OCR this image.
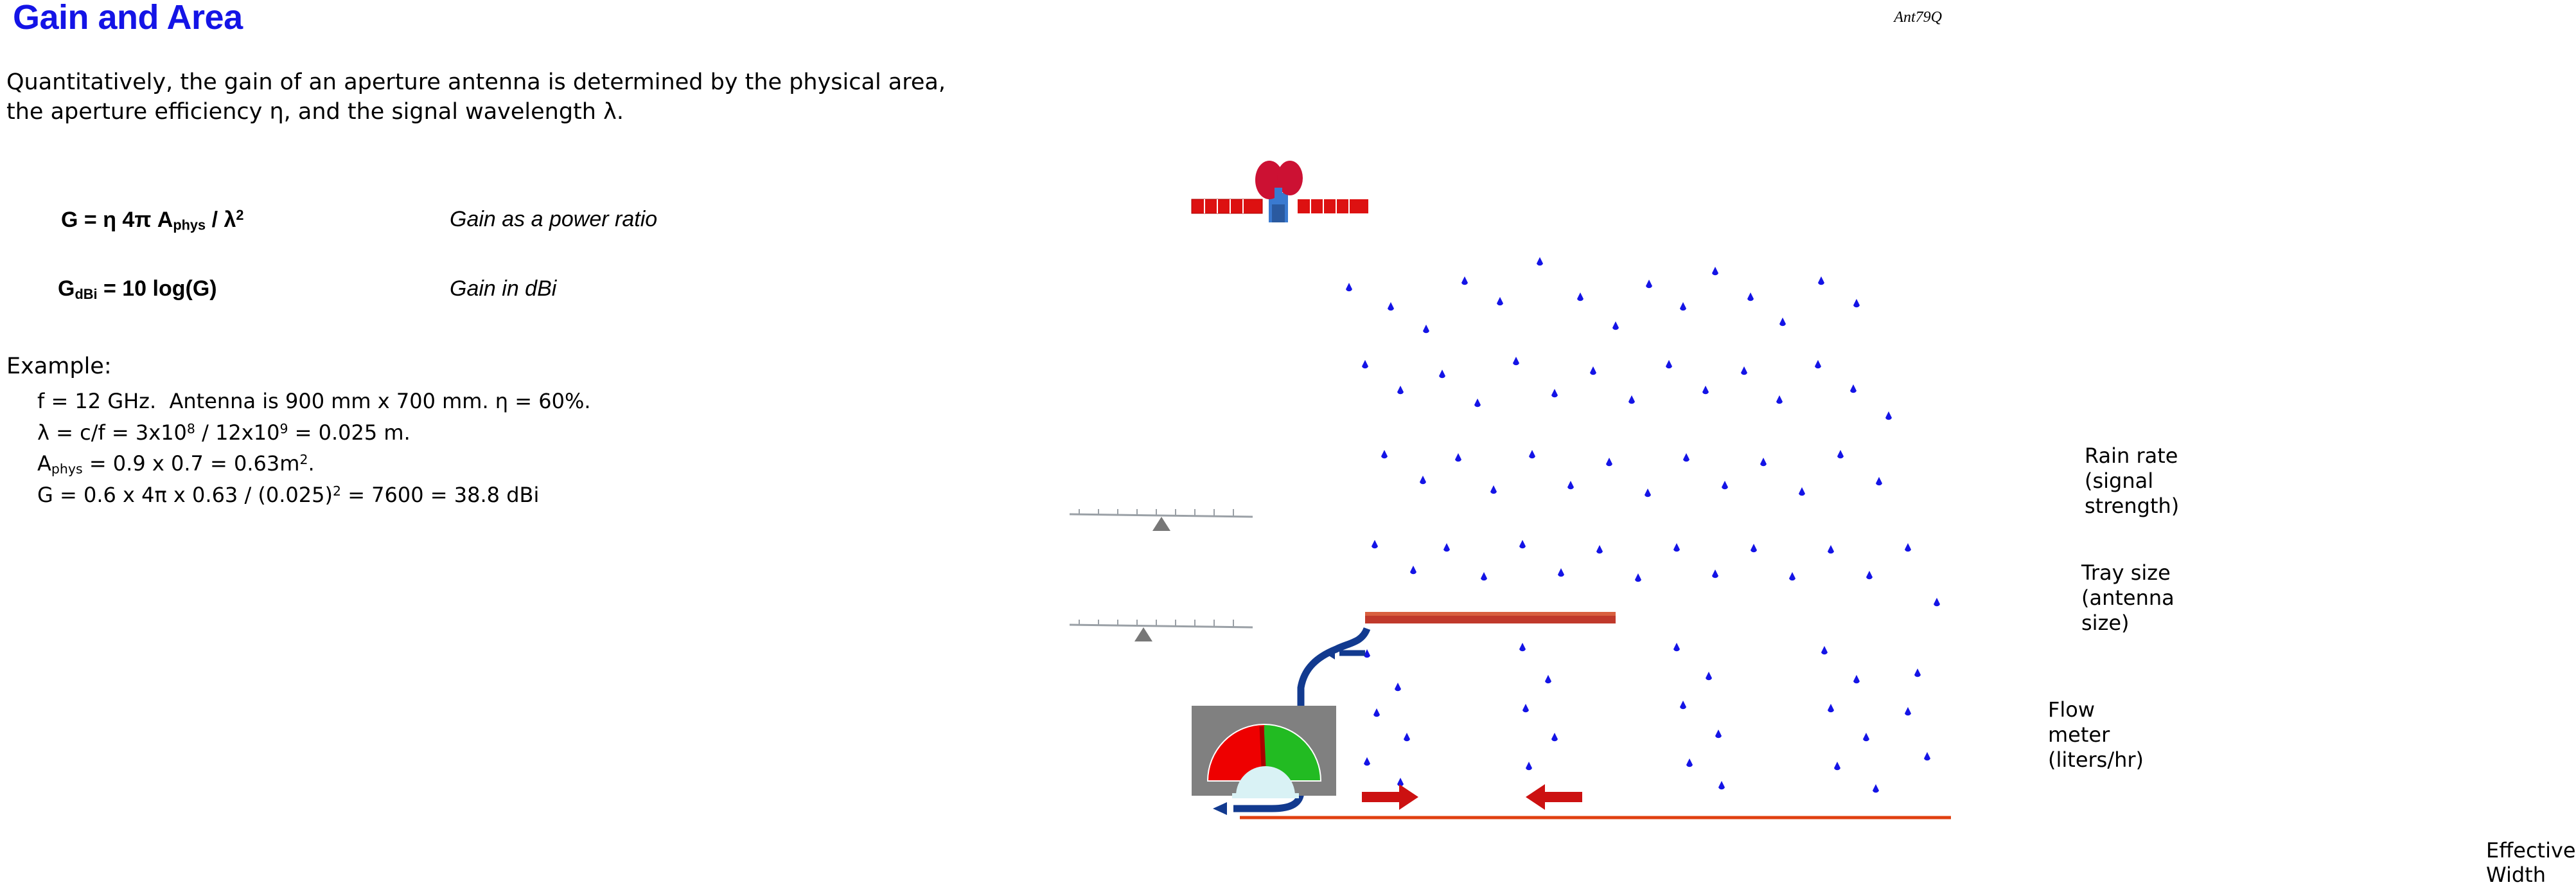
Gain and Area	Ant79Q
Quantitatively, the gain of an aperture antenna is determined by the physical area, the aperture efficiency η, and the signal wavelength λ.
G = η 4π $A_{phys} / \lambda^2$	Gain as a power ratio
$G_{dBi} = 10$ log(G)	Gain in dBi
Example:
f = 12 GHz.  Antenna is 900 mm x 700 mm. η = 60%.
$\lambda = c/f = 3x10^8 / 12x10^9 = 0.025$ m.
$A_{phys} = 0.9$ x $0.7 = 0.63m^2$.
G = 0.6 x 4π x $0.63 / (0.025)^2 = 7600 = 38.8$ dBi
Rain rate
(signal strength)
Tray size
(antenna size)
Flow
meter
(liters/hr)
Effective Width
